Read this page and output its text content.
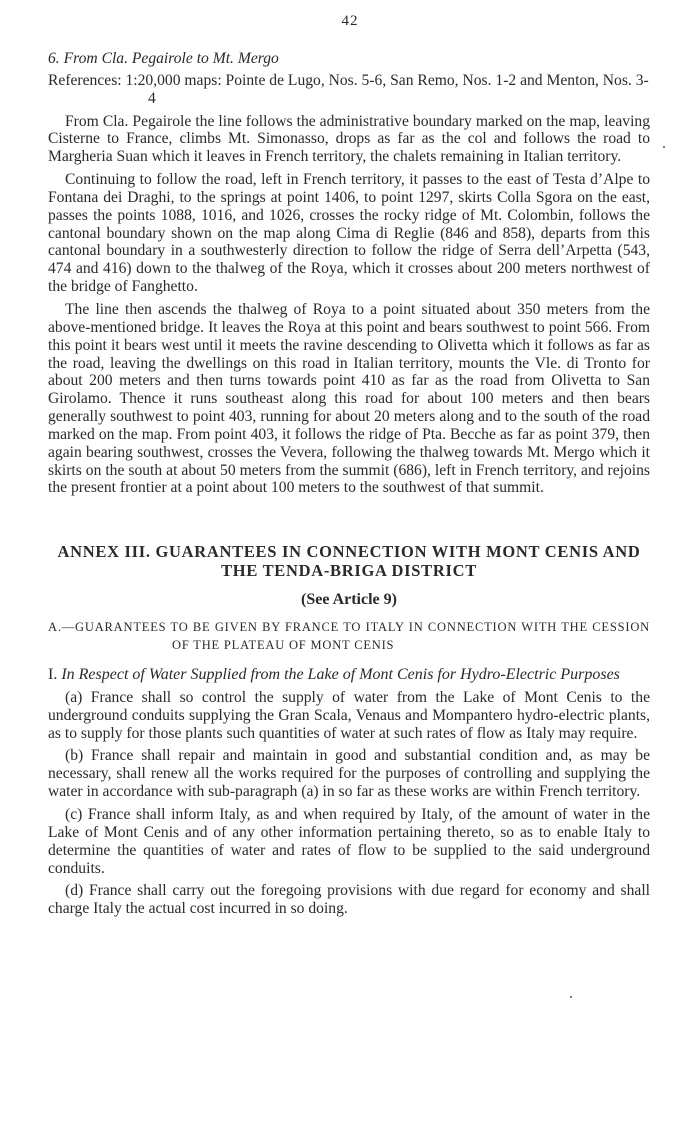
42

6. From Cla. Pegairole to Mt. Mergo

References: 1:20,000 maps: Pointe de Lugo, Nos. 5-6, San Remo, Nos. 1-2 and Menton, Nos. 3-4

From Cla. Pegairole the line follows the administrative boundary marked on the map, leaving Cisterne to France, climbs Mt. Simonasso, drops as far as the col and follows the road to Margheria Suan which it leaves in French territory, the chalets remaining in Italian territory.

Continuing to follow the road, left in French territory, it passes to the east of Testa d’Alpe to Fontana dei Draghi, to the springs at point 1406, to point 1297, skirts Colla Sgora on the east, passes the points 1088, 1016, and 1026, crosses the rocky ridge of Mt. Colombin, follows the cantonal boundary shown on the map along Cima di Reglie (846 and 858), departs from this cantonal boundary in a southwesterly direction to follow the ridge of Serra dell’Arpetta (543, 474 and 416) down to the thalweg of the Roya, which it crosses about 200 meters northwest of the bridge of Fanghetto.

The line then ascends the thalweg of Roya to a point situated about 350 meters from the above-mentioned bridge. It leaves the Roya at this point and bears southwest to point 566. From this point it bears west until it meets the ravine descending to Olivetta which it follows as far as the road, leaving the dwellings on this road in Italian territory, mounts the Vle. di Tronto for about 200 meters and then turns towards point 410 as far as the road from Olivetta to San Girolamo. Thence it runs southeast along this road for about 100 meters and then bears generally southwest to point 403, running for about 20 meters along and to the south of the road marked on the map. From point 403, it follows the ridge of Pta. Becche as far as point 379, then again bearing southwest, crosses the Vevera, following the thalweg towards Mt. Mergo which it skirts on the south at about 50 meters from the summit (686), left in French territory, and rejoins the present frontier at a point about 100 meters to the southwest of that summit.

ANNEX III. GUARANTEES IN CONNECTION WITH MONT CENIS AND THE TENDA-BRIGA DISTRICT

(See Article 9)

A.—GUARANTEES TO BE GIVEN BY FRANCE TO ITALY IN CONNECTION WITH THE CESSION OF THE PLATEAU OF MONT CENIS

I. In Respect of Water Supplied from the Lake of Mont Cenis for Hydro-Electric Purposes

(a) France shall so control the supply of water from the Lake of Mont Cenis to the underground conduits supplying the Gran Scala, Venaus and Mompantero hydro-electric plants, as to supply for those plants such quantities of water at such rates of flow as Italy may require.

(b) France shall repair and maintain in good and substantial condition and, as may be necessary, shall renew all the works required for the purposes of controlling and supplying the water in accordance with sub-paragraph (a) in so far as these works are within French territory.

(c) France shall inform Italy, as and when required by Italy, of the amount of water in the Lake of Mont Cenis and of any other information pertaining thereto, so as to enable Italy to determine the quantities of water and rates of flow to be supplied to the said underground conduits.

(d) France shall carry out the foregoing provisions with due regard for economy and shall charge Italy the actual cost incurred in so doing.
